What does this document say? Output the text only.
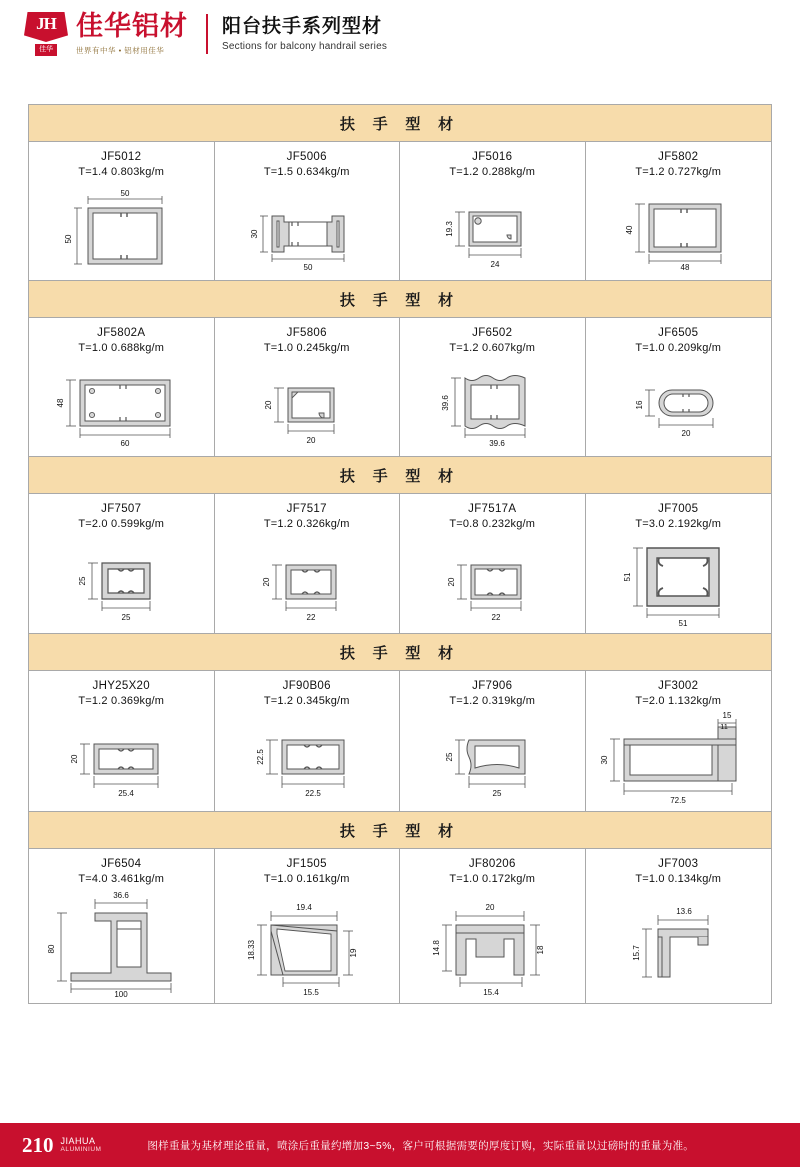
JH
佳华
佳华铝材
世界有中华 • 铝材用佳华
阳台扶手系列型材
Sections for balcony handrail series
扶 手 型 材
JF5012
T=1.4 0.803kg/m
50
50
JF5006
T=1.5 0.634kg/m
50
30
JF5016
T=1.2 0.288kg/m
24
19.3
JF5802
T=1.2 0.727kg/m
48
40
扶 手 型 材
JF5802A
T=1.0 0.688kg/m
60
48
JF5806
T=1.0 0.245kg/m
20
20
JF6502
T=1.2 0.607kg/m
39.6
39.6
JF6505
T=1.0 0.209kg/m
20
16
扶 手 型 材
JF7507
T=2.0 0.599kg/m
25
25
JF7517
T=1.2 0.326kg/m
22
20
JF7517A
T=0.8 0.232kg/m
22
20
JF7005
T=3.0 2.192kg/m
51
51
扶 手 型 材
JHY25X20
T=1.2 0.369kg/m
25.4
20
JF90B06
T=1.2 0.345kg/m
22.5
22.5
JF7906
T=1.2 0.319kg/m
25
25
JF3002
T=2.0 1.132kg/m
15
11
72.5
30
扶 手 型 材
JF6504
T=4.0 3.461kg/m
36.6
100
80
JF1505
T=1.0 0.161kg/m
19.4
15.5
18.33	19
JF80206
T=1.0 0.172kg/m
20
15.4
14.8	18
JF7003
T=1.0 0.134kg/m
13.6
15.7
210 JIAHUA
ALUMINIUM	图样重量为基材理论重量，喷涂后重量约增加3~5%，客户可根据需要的厚度订购，实际重量以过磅时的重量为准。
